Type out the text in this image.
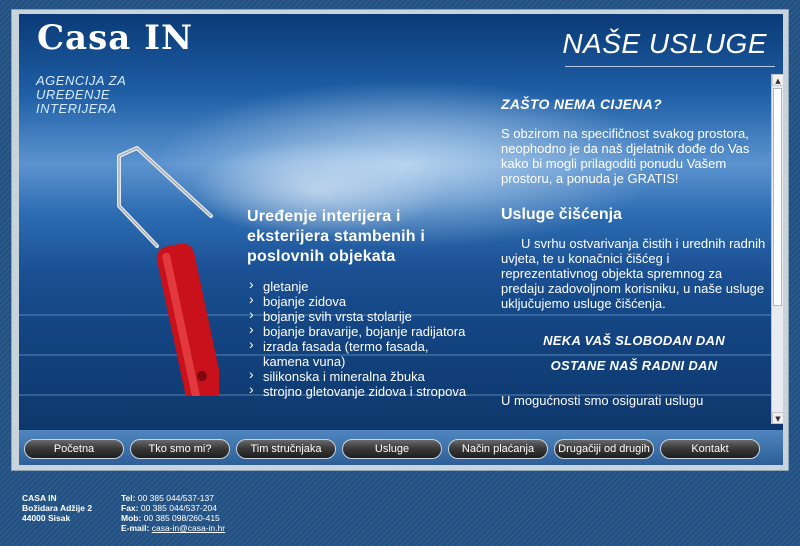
Casa IN
AGENCIJA ZA
UREĐENJE
INTERIJERA
NAŠE USLUGE
Uređenje interijera i eksterijera stambenih i poslovnih objekata
› gletanje
› bojanje zidova
› bojanje svih vrsta stolarije
› bojanje bravarije, bojanje radijatora
› izrada fasada (termo fasada, kamena vuna)
› silikonska i mineralna žbuka
› strojno gletovanje zidova i stropova
ZAŠTO NEMA CIJENA?

S obzirom na specifičnost svakog prostora, neophodno je da naš djelatnik dođe do Vas kako bi mogli prilagoditi ponudu Vašem prostoru, a ponuda je GRATIS!

Usluge čišćenja

U svrhu ostvarivanja čistih i urednih radnih uvjeta, te u konačnici čišćeg i reprezentativnog objekta spremnog za predaju zadovoljnom korisniku, u naše usluge uključujemo usluge čišćenja.

NEKA VAŠ SLOBODAN DAN
OSTANE NAŠ RADNI DAN

U mogućnosti smo osigurati uslugu

▲
▼
Početna	Tko smo mi?	Tim stručnjaka	Usluge	Način plaćanja	Drugačiji od drugih	Kontakt
CASA IN
Božidara Adžije 2
44000 Sisak
Tel: 00 385 044/537-137
Fax: 00 385 044/537-204
Mob: 00 385 098/260-415
E-mail: casa-in@casa-in.hr
